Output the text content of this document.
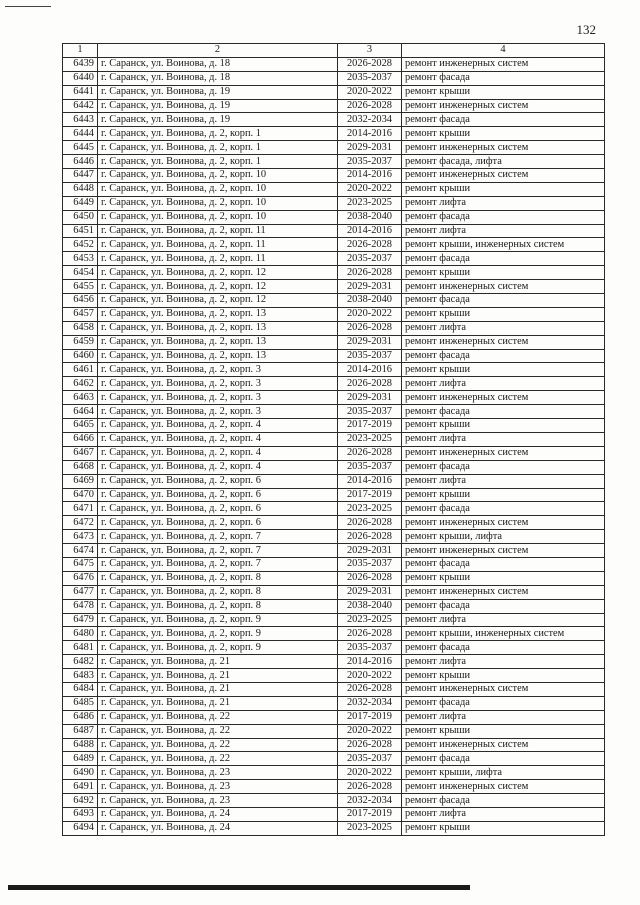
132
1	2	3	4
6439	г. Саранск, ул. Воинова, д. 18	2026-2028	ремонт инженерных систем
6440	г. Саранск, ул. Воинова, д. 18	2035-2037	ремонт фасада
6441	г. Саранск, ул. Воинова, д. 19	2020-2022	ремонт крыши
6442	г. Саранск, ул. Воинова, д. 19	2026-2028	ремонт инженерных систем
6443	г. Саранск, ул. Воинова, д. 19	2032-2034	ремонт фасада
6444	г. Саранск, ул. Воинова, д. 2, корп. 1	2014-2016	ремонт крыши
6445	г. Саранск, ул. Воинова, д. 2, корп. 1	2029-2031	ремонт инженерных систем
6446	г. Саранск, ул. Воинова, д. 2, корп. 1	2035-2037	ремонт фасада, лифта
6447	г. Саранск, ул. Воинова, д. 2, корп. 10	2014-2016	ремонт инженерных систем
6448	г. Саранск, ул. Воинова, д. 2, корп. 10	2020-2022	ремонт крыши
6449	г. Саранск, ул. Воинова, д. 2, корп. 10	2023-2025	ремонт лифта
6450	г. Саранск, ул. Воинова, д. 2, корп. 10	2038-2040	ремонт фасада
6451	г. Саранск, ул. Воинова, д. 2, корп. 11	2014-2016	ремонт лифта
6452	г. Саранск, ул. Воинова, д. 2, корп. 11	2026-2028	ремонт крыши, инженерных систем
6453	г. Саранск, ул. Воинова, д. 2, корп. 11	2035-2037	ремонт фасада
6454	г. Саранск, ул. Воинова, д. 2, корп. 12	2026-2028	ремонт крыши
6455	г. Саранск, ул. Воинова, д. 2, корп. 12	2029-2031	ремонт инженерных систем
6456	г. Саранск, ул. Воинова, д. 2, корп. 12	2038-2040	ремонт фасада
6457	г. Саранск, ул. Воинова, д. 2, корп. 13	2020-2022	ремонт крыши
6458	г. Саранск, ул. Воинова, д. 2, корп. 13	2026-2028	ремонт лифта
6459	г. Саранск, ул. Воинова, д. 2, корп. 13	2029-2031	ремонт инженерных систем
6460	г. Саранск, ул. Воинова, д. 2, корп. 13	2035-2037	ремонт фасада
6461	г. Саранск, ул. Воинова, д. 2, корп. 3	2014-2016	ремонт крыши
6462	г. Саранск, ул. Воинова, д. 2, корп. 3	2026-2028	ремонт лифта
6463	г. Саранск, ул. Воинова, д. 2, корп. 3	2029-2031	ремонт инженерных систем
6464	г. Саранск, ул. Воинова, д. 2, корп. 3	2035-2037	ремонт фасада
6465	г. Саранск, ул. Воинова, д. 2, корп. 4	2017-2019	ремонт крыши
6466	г. Саранск, ул. Воинова, д. 2, корп. 4	2023-2025	ремонт лифта
6467	г. Саранск, ул. Воинова, д. 2, корп. 4	2026-2028	ремонт инженерных систем
6468	г. Саранск, ул. Воинова, д. 2, корп. 4	2035-2037	ремонт фасада
6469	г. Саранск, ул. Воинова, д. 2, корп. 6	2014-2016	ремонт лифта
6470	г. Саранск, ул. Воинова, д. 2, корп. 6	2017-2019	ремонт крыши
6471	г. Саранск, ул. Воинова, д. 2, корп. 6	2023-2025	ремонт фасада
6472	г. Саранск, ул. Воинова, д. 2, корп. 6	2026-2028	ремонт инженерных систем
6473	г. Саранск, ул. Воинова, д. 2, корп. 7	2026-2028	ремонт крыши, лифта
6474	г. Саранск, ул. Воинова, д. 2, корп. 7	2029-2031	ремонт инженерных систем
6475	г. Саранск, ул. Воинова, д. 2, корп. 7	2035-2037	ремонт фасада
6476	г. Саранск, ул. Воинова, д. 2, корп. 8	2026-2028	ремонт крыши
6477	г. Саранск, ул. Воинова, д. 2, корп. 8	2029-2031	ремонт инженерных систем
6478	г. Саранск, ул. Воинова, д. 2, корп. 8	2038-2040	ремонт фасада
6479	г. Саранск, ул. Воинова, д. 2, корп. 9	2023-2025	ремонт лифта
6480	г. Саранск, ул. Воинова, д. 2, корп. 9	2026-2028	ремонт крыши, инженерных систем
6481	г. Саранск, ул. Воинова, д. 2, корп. 9	2035-2037	ремонт фасада
6482	г. Саранск, ул. Воинова, д. 21	2014-2016	ремонт лифта
6483	г. Саранск, ул. Воинова, д. 21	2020-2022	ремонт крыши
6484	г. Саранск, ул. Воинова, д. 21	2026-2028	ремонт инженерных систем
6485	г. Саранск, ул. Воинова, д. 21	2032-2034	ремонт фасада
6486	г. Саранск, ул. Воинова, д. 22	2017-2019	ремонт лифта
6487	г. Саранск, ул. Воинова, д. 22	2020-2022	ремонт крыши
6488	г. Саранск, ул. Воинова, д. 22	2026-2028	ремонт инженерных систем
6489	г. Саранск, ул. Воинова, д. 22	2035-2037	ремонт фасада
6490	г. Саранск, ул. Воинова, д. 23	2020-2022	ремонт крыши, лифта
6491	г. Саранск, ул. Воинова, д. 23	2026-2028	ремонт инженерных систем
6492	г. Саранск, ул. Воинова, д. 23	2032-2034	ремонт фасада
6493	г. Саранск, ул. Воинова, д. 24	2017-2019	ремонт лифта
6494	г. Саранск, ул. Воинова, д. 24	2023-2025	ремонт крыши
